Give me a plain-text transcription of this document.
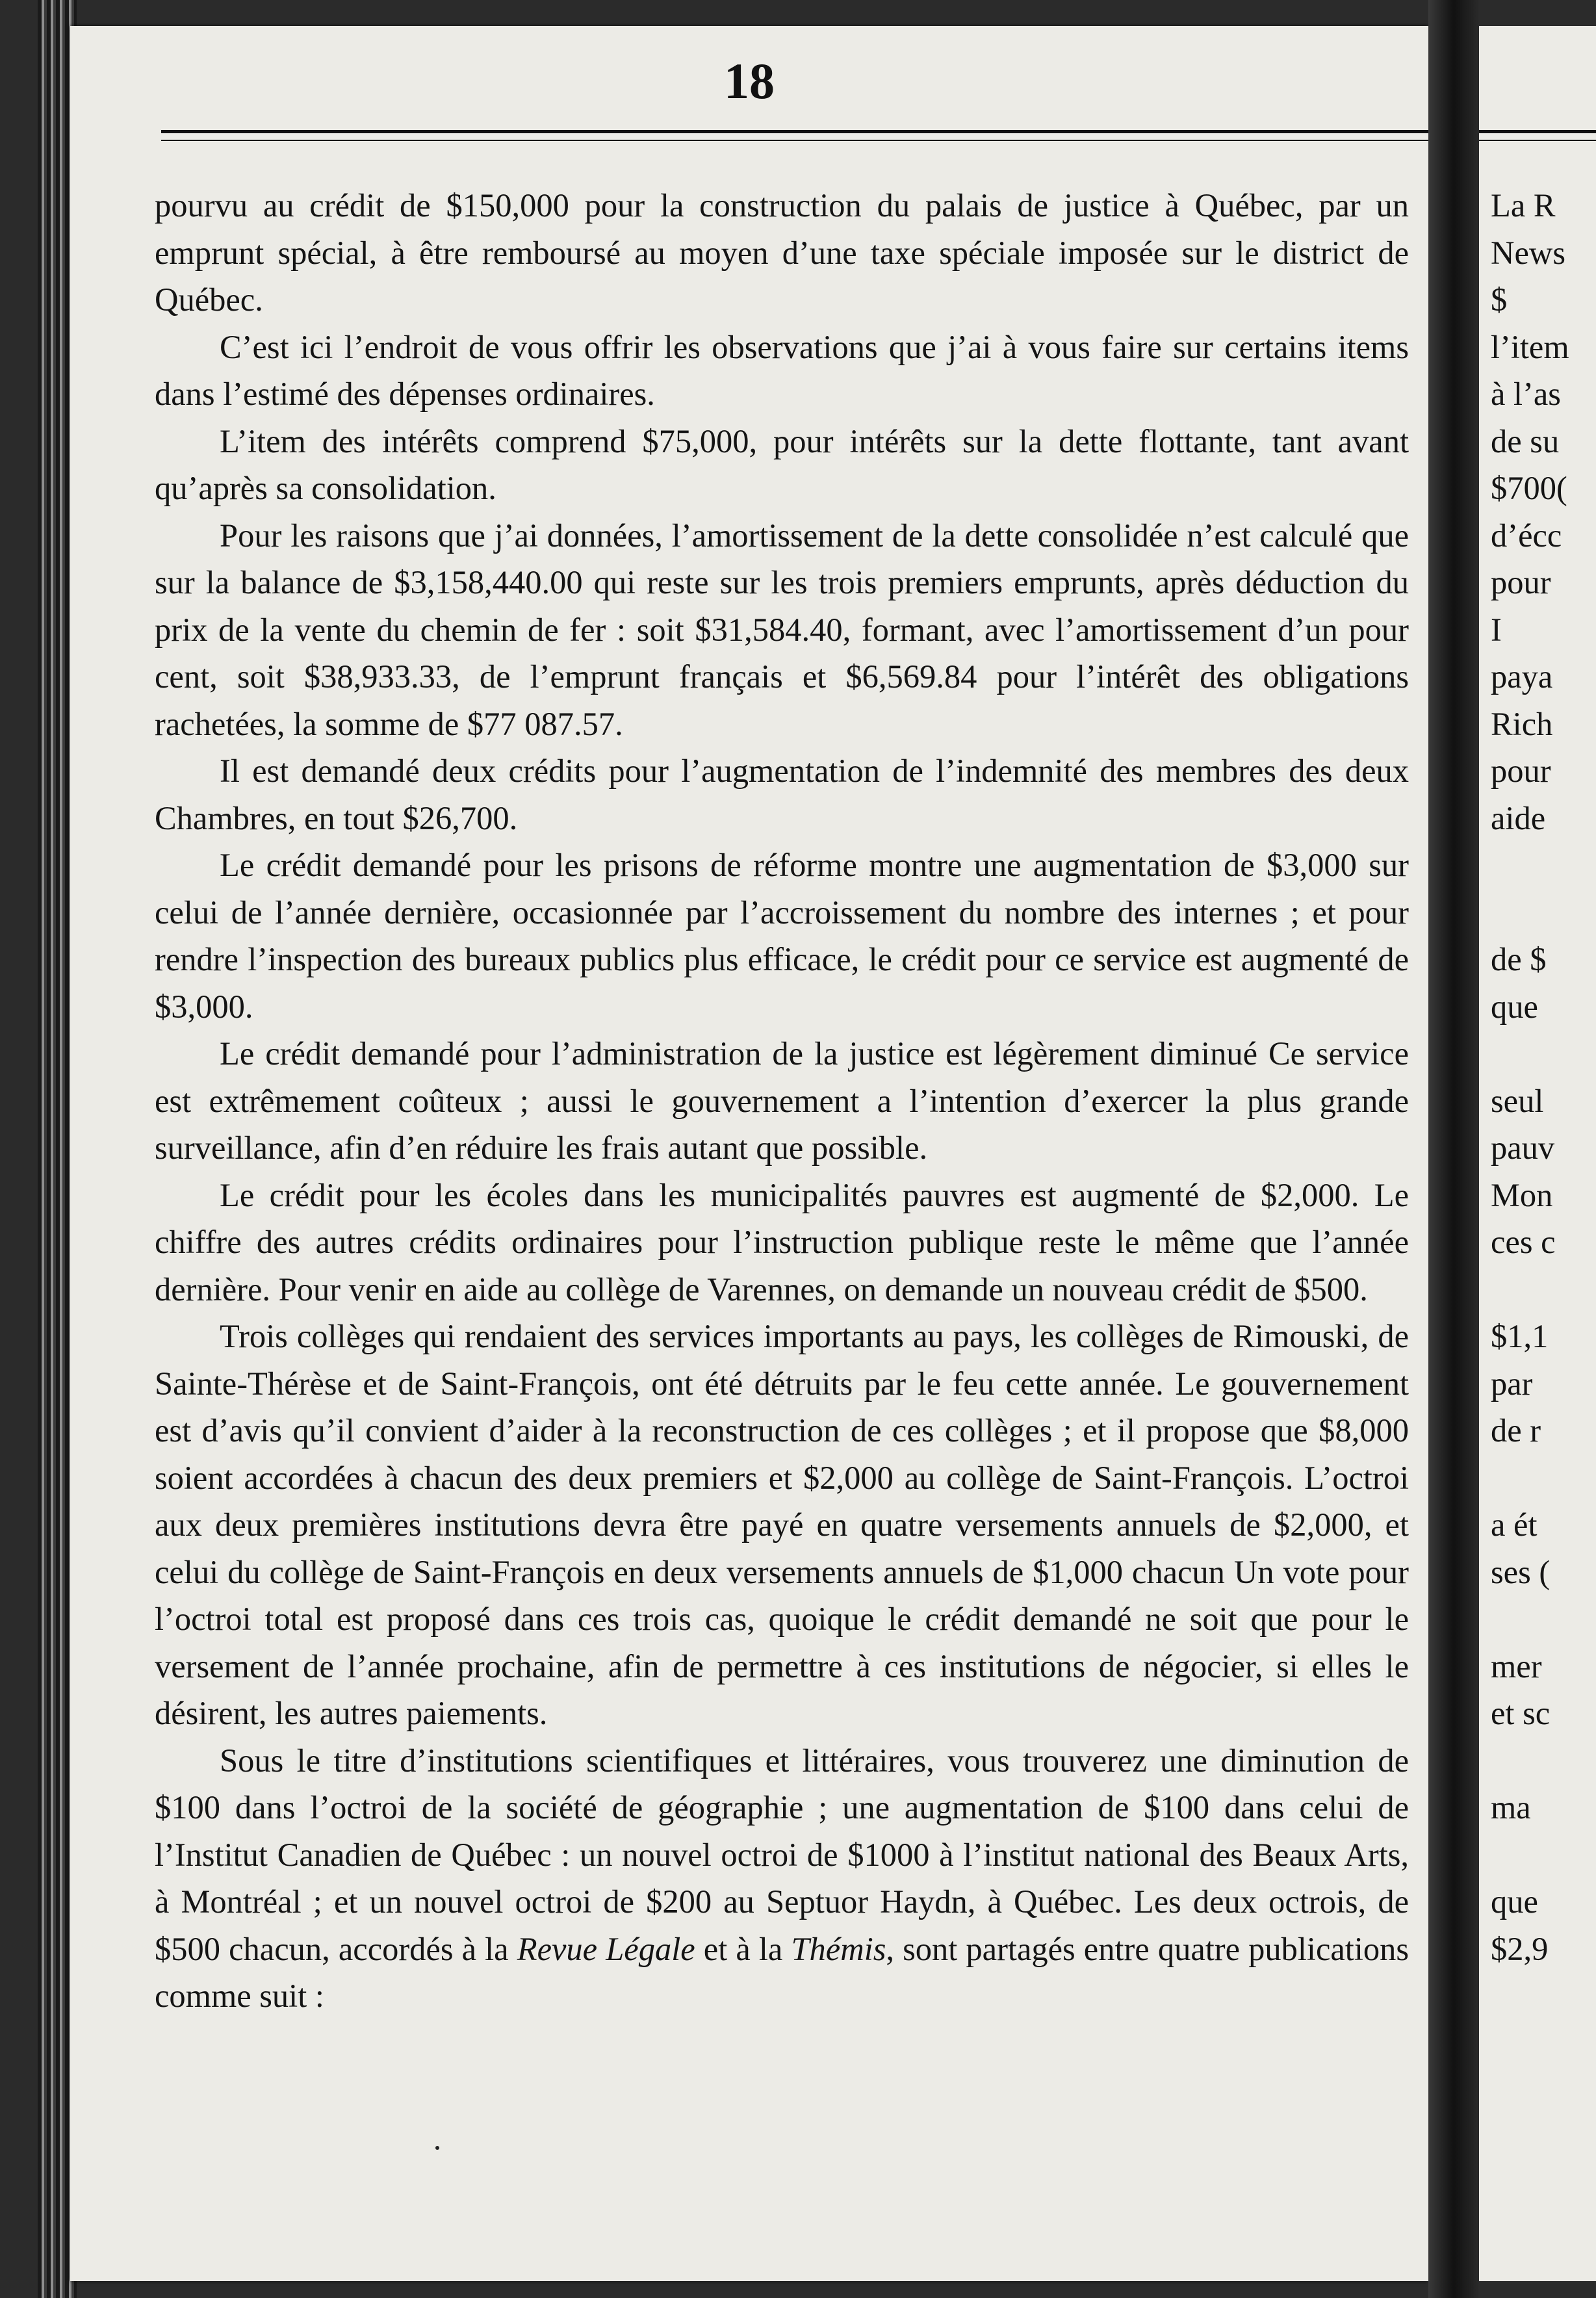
18

pourvu au crédit de $150,000 pour la construction du palais de justice à Québec, par un emprunt spécial, à être remboursé au moyen d’une taxe spéciale imposée sur le district de Québec.

C’est ici l’endroit de vous offrir les observations que j’ai à vous faire sur certains items dans l’estimé des dépenses ordinaires.

L’item des intérêts comprend $75,000, pour intérêts sur la dette flottante, tant avant qu’après sa consolidation.

Pour les raisons que j’ai données, l’amortissement de la dette consolidée n’est calculé que sur la balance de $3,158,440.00 qui reste sur les trois premiers emprunts, après déduction du prix de la vente du chemin de fer : soit $31,584.40, formant, avec l’amortissement d’un pour cent, soit $38,933.33, de l’emprunt français et $6,569.84 pour l’intérêt des obligations rachetées, la somme de $77 087.57.

Il est demandé deux crédits pour l’augmentation de l’indemnité des membres des deux Chambres, en tout $26,700.

Le crédit demandé pour les prisons de réforme montre une augmentation de $3,000 sur celui de l’année dernière, occasionnée par l’accroissement du nombre des internes ; et pour rendre l’inspection des bureaux publics plus efficace, le crédit pour ce service est augmenté de $3,000.

Le crédit demandé pour l’administration de la justice est légèrement diminué Ce service est extrêmement coûteux ; aussi le gouvernement a l’intention d’exercer la plus grande surveillance, afin d’en réduire les frais autant que possible.

Le crédit pour les écoles dans les municipalités pauvres est augmenté de $2,000. Le chiffre des autres crédits ordinaires pour l’instruction publique reste le même que l’année dernière. Pour venir en aide au collège de Varennes, on demande un nouveau crédit de $500.

Trois collèges qui rendaient des services importants au pays, les collèges de Rimouski, de Sainte-Thérèse et de Saint-François, ont été détruits par le feu cette année. Le gouvernement est d’avis qu’il convient d’aider à la reconstruction de ces collèges ; et il propose que $8,000 soient accordées à chacun des deux premiers et $2,000 au collège de Saint-François. L’octroi aux deux premières institutions devra être payé en quatre versements annuels de $2,000, et celui du collège de Saint-François en deux versements annuels de $1,000 chacun Un vote pour l’octroi total est proposé dans ces trois cas, quoique le crédit demandé ne soit que pour le versement de l’année prochaine, afin de permettre à ces institutions de négocier, si elles le désirent, les autres paiements.

Sous le titre d’institutions scientifiques et littéraires, vous trouverez une diminution de $100 dans l’octroi de la société de géographie ; une augmentation de $100 dans celui de l’Institut Canadien de Québec : un nouvel octroi de $1000 à l’institut national des Beaux Arts, à Montréal ; et un nouvel octroi de $200 au Septuor Haydn, à Québec. Les deux octrois, de $500 chacun, accordés à la Revue Légale et à la Thémis, sont partagés entre quatre publications comme suit :

La R
News
$
l’item
à l’as
de su
$700(
d’écc
pour
I
paya
Rich
pour
aide
de $
que
seul
pauv
Mon
ces c
$1,1
par
de r
a ét
ses (
mer
et sc
ma
que
$2,9
